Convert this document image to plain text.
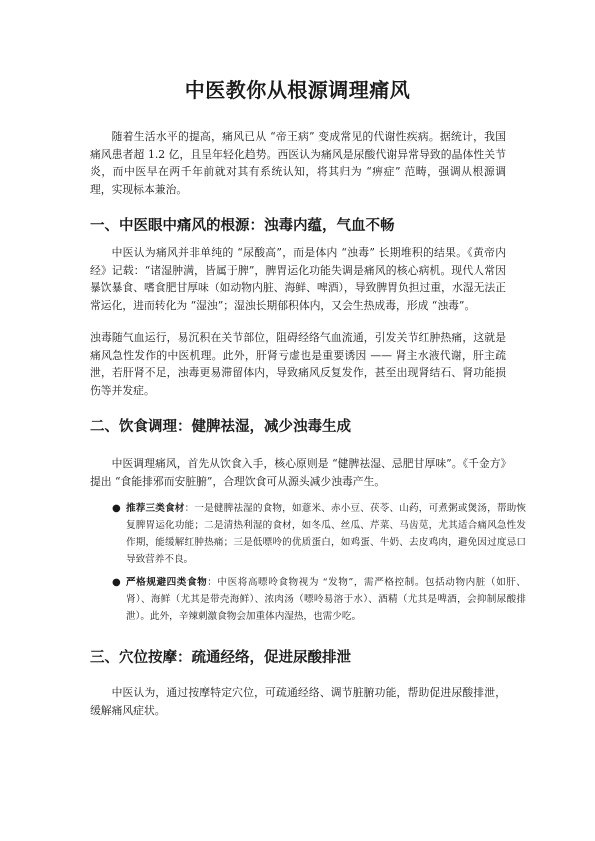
中医教你从根源调理痛风

随着生活水平的提高，痛风已从 “帝王病” 变成常见的代谢性疾病。据统计，我国痛风患者超 1.2 亿，且呈年轻化趋势。西医认为痛风是尿酸代谢异常导致的晶体性关节炎，而中医早在两千年前就对其有系统认知，将其归为 “痹症” 范畴，强调从根源调理，实现标本兼治。

一、中医眼中痛风的根源：浊毒内蕴，气血不畅

中医认为痛风并非单纯的 “尿酸高”，而是体内 “浊毒” 长期堆积的结果。《黄帝内经》记载：“诸湿肿满，皆属于脾”，脾胃运化功能失调是痛风的核心病机。现代人常因暴饮暴食、嗜食肥甘厚味（如动物内脏、海鲜、啤酒），导致脾胃负担过重，水湿无法正常运化，进而转化为 “湿浊”；湿浊长期郁积体内，又会生热成毒，形成 “浊毒”。

浊毒随气血运行，易沉积在关节部位，阻碍经络气血流通，引发关节红肿热痛，这就是痛风急性发作的中医机理。此外，肝肾亏虚也是重要诱因 —— 肾主水液代谢，肝主疏泄，若肝肾不足，浊毒更易滞留体内，导致痛风反复发作，甚至出现肾结石、肾功能损伤等并发症。

二、饮食调理：健脾祛湿，减少浊毒生成

中医调理痛风，首先从饮食入手，核心原则是 “健脾祛湿、忌肥甘厚味”。《千金方》提出 “食能排邪而安脏腑”，合理饮食可从源头减少浊毒产生。

● 推荐三类食材：一是健脾祛湿的食物，如薏米、赤小豆、茯苓、山药，可煮粥或煲汤，帮助恢复脾胃运化功能；二是清热利湿的食材，如冬瓜、丝瓜、芹菜、马齿苋，尤其适合痛风急性发作期，能缓解红肿热痛；三是低嘌呤的优质蛋白，如鸡蛋、牛奶、去皮鸡肉，避免因过度忌口导致营养不良。
● 严格规避四类食物：中医将高嘌呤食物视为 “发物”，需严格控制。包括动物内脏（如肝、肾）、海鲜（尤其是带壳海鲜）、浓肉汤（嘌呤易溶于水）、酒精（尤其是啤酒，会抑制尿酸排泄）。此外，辛辣刺激食物会加重体内湿热，也需少吃。
三、穴位按摩：疏通经络，促进尿酸排泄

中医认为，通过按摩特定穴位，可疏通经络、调节脏腑功能，帮助促进尿酸排泄，缓解痛风症状。
